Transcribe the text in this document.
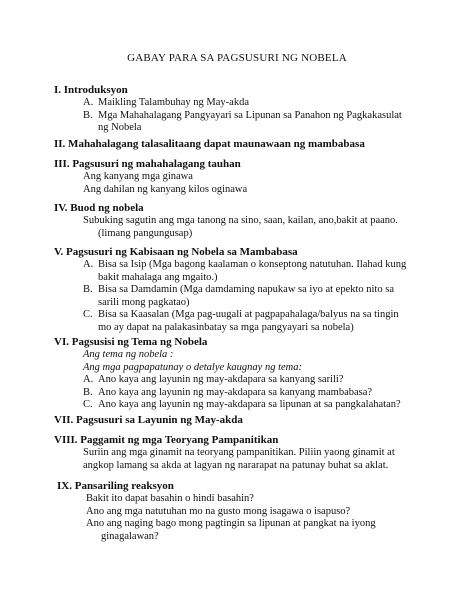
GABAY PARA SA PAGSUSURI NG NOBELA
I. Introduksyon
A. Maikling Talambuhay ng May-akda
B. Mga Mahahalagang Pangyayari sa Lipunan sa Panahon ng Pagkakasulat
ng Nobela
II. Mahahalagang talasalitaang dapat maunawaan ng mambabasa
III. Pagsusuri ng mahahalagang tauhan
Ang kanyang mga ginawa
Ang dahilan ng kanyang kilos oginawa
IV. Buod ng nobela
Subuking sagutin ang mga tanong na sino, saan, kailan, ano,bakit at paano.
(limang pangungusap)
V. Pagsusuri ng Kabisaan ng Nobela sa Mambabasa
A. Bisa sa Isip (Mga bagong kaalaman o konseptong natutuhan. Ilahad kung
bakit mahalaga ang mgaito.)
B. Bisa sa Damdamin (Mga damdaming napukaw sa iyo at epekto nito sa
sarili mong pagkatao)
C. Bisa sa Kaasalan (Mga pag-uugali at pagpapahalaga/balyus na sa tingin
mo ay dapat na palakasinbatay sa mga pangyayari sa nobela)
VI. Pagsusisi ng Tema ng Nobela
Ang tema ng nobela :
Ang mga pagpapatunay o detalye kaugnay ng tema:
A. Ano kaya ang layunin ng may-akdapara sa kanyang sarili?
B. Ano kaya ang layunin ng may-akdapara sa kanyang mambabasa?
C. Ano kaya ang layunin ng may-akdapara sa lipunan at sa pangkalahatan?
VII. Pagsusuri sa Layunin ng May-akda
VIII. Paggamit ng mga Teoryang Pampanitikan
Suriin ang mga ginamit na teoryang pampanitikan. Piliin yaong ginamit at
angkop lamang sa akda at lagyan ng nararapat na patunay buhat sa aklat.
IX. Pansariling reaksyon
Bakit ito dapat basahin o hindi basahin?
Ano ang mga natutuhan mo na gusto mong isagawa o isapuso?
Ano ang naging bago mong pagtingin sa lipunan at pangkat na iyong
ginagalawan?
